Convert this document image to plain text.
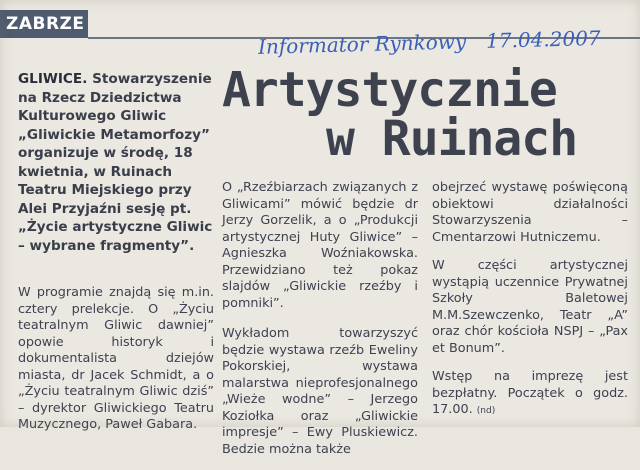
ZABRZE
Informator Rynkowy 17.04.2007
GLIWICE. Stowarzyszenie na Rzecz Dziedzictwa Kulturowego Gliwic „Gliwickie Metamorfozy” organizuje w środę, 18 kwietnia, w Ruinach Teatru Miejskiego przy Alei Przyjaźni sesję pt. „Życie artystyczne Gliwic – wybrane fragmenty”.
Artystycznie
w Ruinach

W programie znajdą się m.in. cztery prelekcje. O „Życiu teatralnym Gliwic dawniej” opowie historyk i dokumentalista dziejów miasta, dr Jacek Schmidt, a o „Życiu teatralnym Gliwic dziś” – dyrektor Gliwickiego Teatru Muzycznego, Paweł Gabara.

O „Rzeźbiarzach związanych z Gliwicami” mówić będzie dr Jerzy Gorzelik, a o „Produkcji artystycznej Huty Gliwice” – Agnieszka Woźniakowska. Przewidziano też pokaz slajdów „Gliwickie rzeźby i pomniki”.

Wykładom towarzyszyć będzie wystawa rzeźb Eweliny Pokorskiej, wystawa malarstwa nieprofesjonalnego „Wieże wodne” – Jerzego Koziołka oraz „Gliwickie impresje” – Ewy Pluskiewicz. Bedzie można także

obejrzeć wystawę poświęconą obiektowi działalności Stowarzyszenia – Cmentarzowi Hutniczemu.

W części artystycznej wystąpią uczennice Prywatnej Szkoły Baletowej M.M.Szewczenko, Teatr „A” oraz chór kościoła NSPJ – „Pax et Bonum”.

Wstęp na imprezę jest bezpłatny. Początek o godz. 17.00. (nd)
